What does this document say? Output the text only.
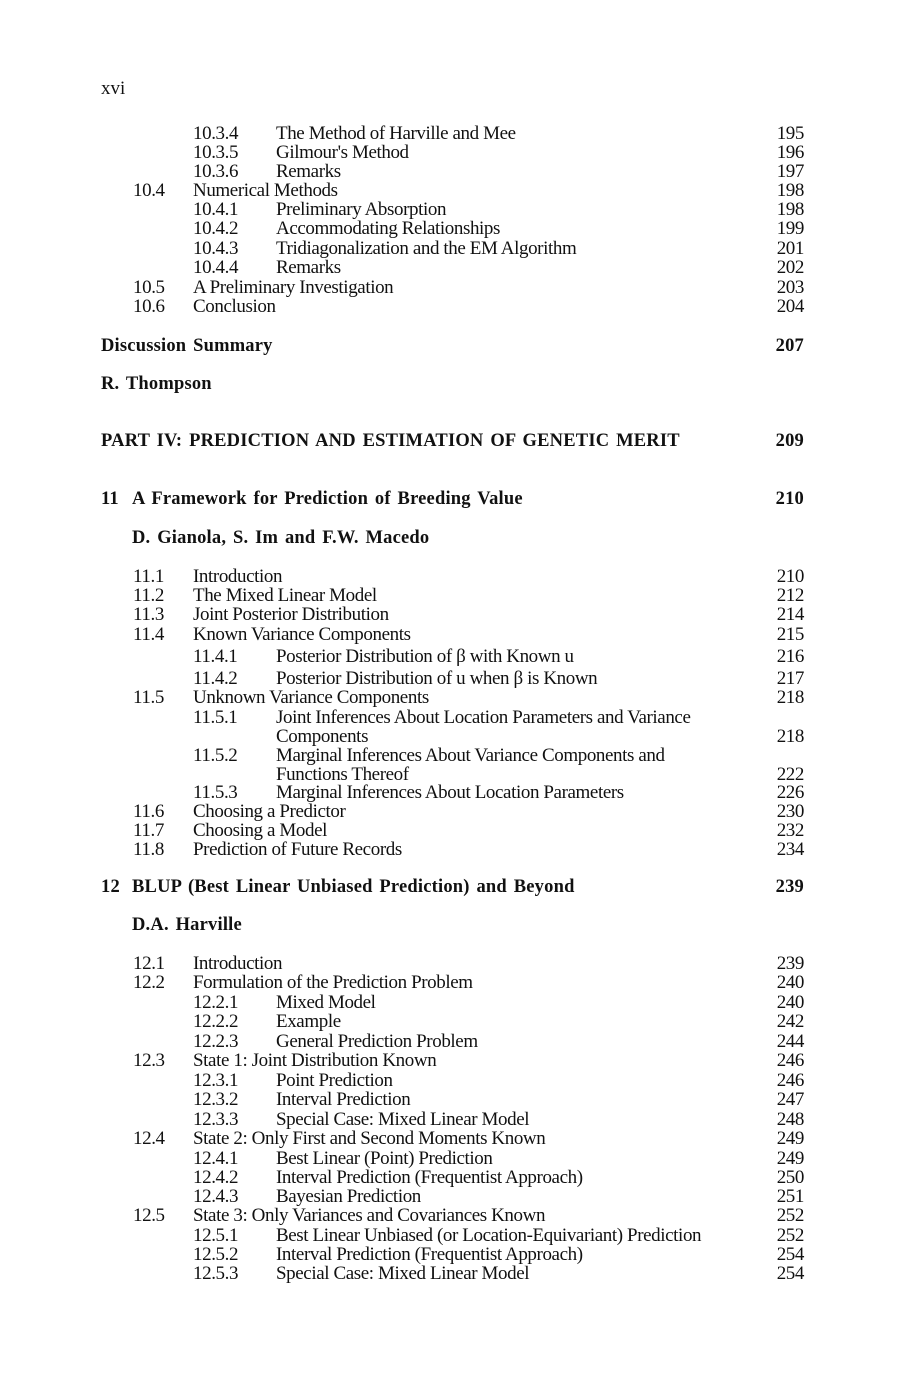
xvi
10.3.4 The Method of Harville and Mee	195
10.3.5 Gilmour's Method	196
10.3.6 Remarks	197
10.4 Numerical Methods	198
10.4.1 Preliminary Absorption	198
10.4.2 Accommodating Relationships	199
10.4.3 Tridiagonalization and the EM Algorithm	201
10.4.4 Remarks	202
10.5 A Preliminary Investigation	203
10.6 Conclusion	204
Discussion Summary	207
R. Thompson
PART IV: PREDICTION AND ESTIMATION OF GENETIC MERIT	209
11 A Framework for Prediction of Breeding Value	210
D. Gianola, S. Im and F.W. Macedo
11.1 Introduction	210
11.2 The Mixed Linear Model	212
11.3 Joint Posterior Distribution	214
11.4 Known Variance Components	215
11.4.1 Posterior Distribution of β with Known u	216
11.4.2 Posterior Distribution of u when β is Known	217
11.5 Unknown Variance Components	218
11.5.1 Joint Inferences About Location Parameters and Variance
Components	218
11.5.2 Marginal Inferences About Variance Components and
Functions Thereof	222
11.5.3 Marginal Inferences About Location Parameters	226
11.6 Choosing a Predictor	230
11.7 Choosing a Model	232
11.8 Prediction of Future Records	234
12 BLUP (Best Linear Unbiased Prediction) and Beyond	239
D.A. Harville
12.1 Introduction	239
12.2 Formulation of the Prediction Problem	240
12.2.1 Mixed Model	240
12.2.2 Example	242
12.2.3 General Prediction Problem	244
12.3 State 1: Joint Distribution Known	246
12.3.1 Point Prediction	246
12.3.2 Interval Prediction	247
12.3.3 Special Case: Mixed Linear Model	248
12.4 State 2: Only First and Second Moments Known	249
12.4.1 Best Linear (Point) Prediction	249
12.4.2 Interval Prediction (Frequentist Approach)	250
12.4.3 Bayesian Prediction	251
12.5 State 3: Only Variances and Covariances Known	252
12.5.1 Best Linear Unbiased (or Location-Equivariant) Prediction	252
12.5.2 Interval Prediction (Frequentist Approach)	254
12.5.3 Special Case: Mixed Linear Model	254
